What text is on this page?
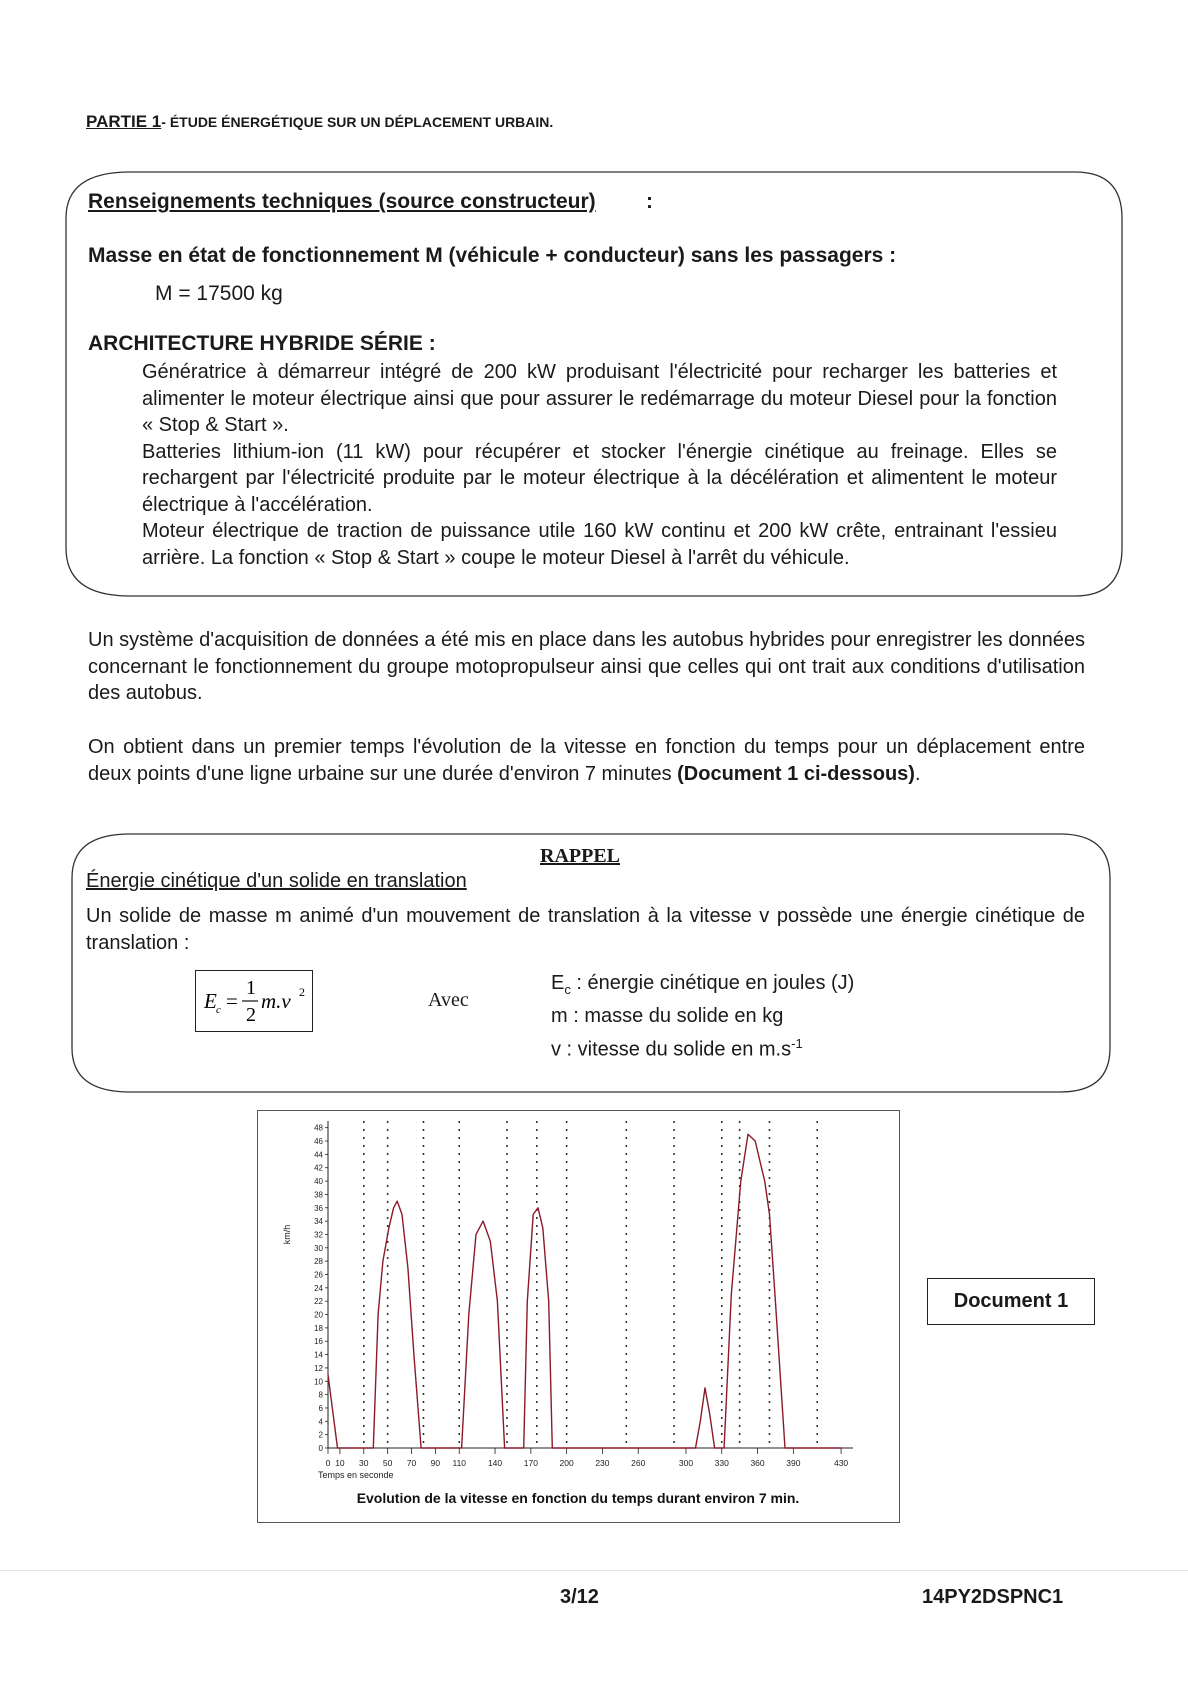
PARTIE 1- ÉTUDE ÉNERGÉTIQUE SUR UN DÉPLACEMENT URBAIN.
Renseignements techniques (source constructeur) :
Masse en état de fonctionnement M (véhicule + conducteur) sans les passagers :
M = 17500 kg
ARCHITECTURE HYBRIDE SÉRIE :
Génératrice à démarreur intégré de 200 kW produisant l'électricité pour recharger les batteries et alimenter le moteur électrique ainsi que pour assurer le redémarrage du moteur Diesel pour la fonction « Stop & Start ».
Batteries lithium-ion (11 kW) pour récupérer et stocker l'énergie cinétique au freinage. Elles se rechargent par l'électricité produite par le moteur électrique à la décélération et alimentent le moteur électrique à l'accélération.
Moteur électrique de traction de puissance utile 160 kW continu et 200 kW crête, entrainant l'essieu arrière. La fonction « Stop & Start » coupe le moteur Diesel à l'arrêt du véhicule.
Un système d'acquisition de données a été mis en place dans les autobus hybrides pour enregistrer les données concernant le fonctionnement du groupe motopropulseur ainsi que celles qui ont trait aux conditions d'utilisation des autobus.
On obtient dans un premier temps l'évolution de la vitesse en fonction du temps pour un déplacement entre deux points d'une ligne urbaine sur une durée d'environ 7 minutes (Document 1 ci-dessous).
RAPPEL
Énergie cinétique d'un solide en translation
Un solide de masse m animé d'un mouvement de translation à la vitesse v possède une énergie cinétique de translation :
E c =
1
2
m.v 2	Avec
$E_c$ : énergie cinétique en joules (J)
m : masse du solide en kg
v : vitesse du solide en $m.s^{-1}$
0
2
4
6
8
10
12
14
16
18
20
22
24
26
28
30
32
34
36
38
40
42
44
46
48
0 10 30 50 70 90 110	140	170	200	230	260	300	330	360	390	430
km/h
Temps en seconde
Evolution de la vitesse en fonction du temps durant environ 7 min.
Document 1
3/12	14PY2DSPNC1
